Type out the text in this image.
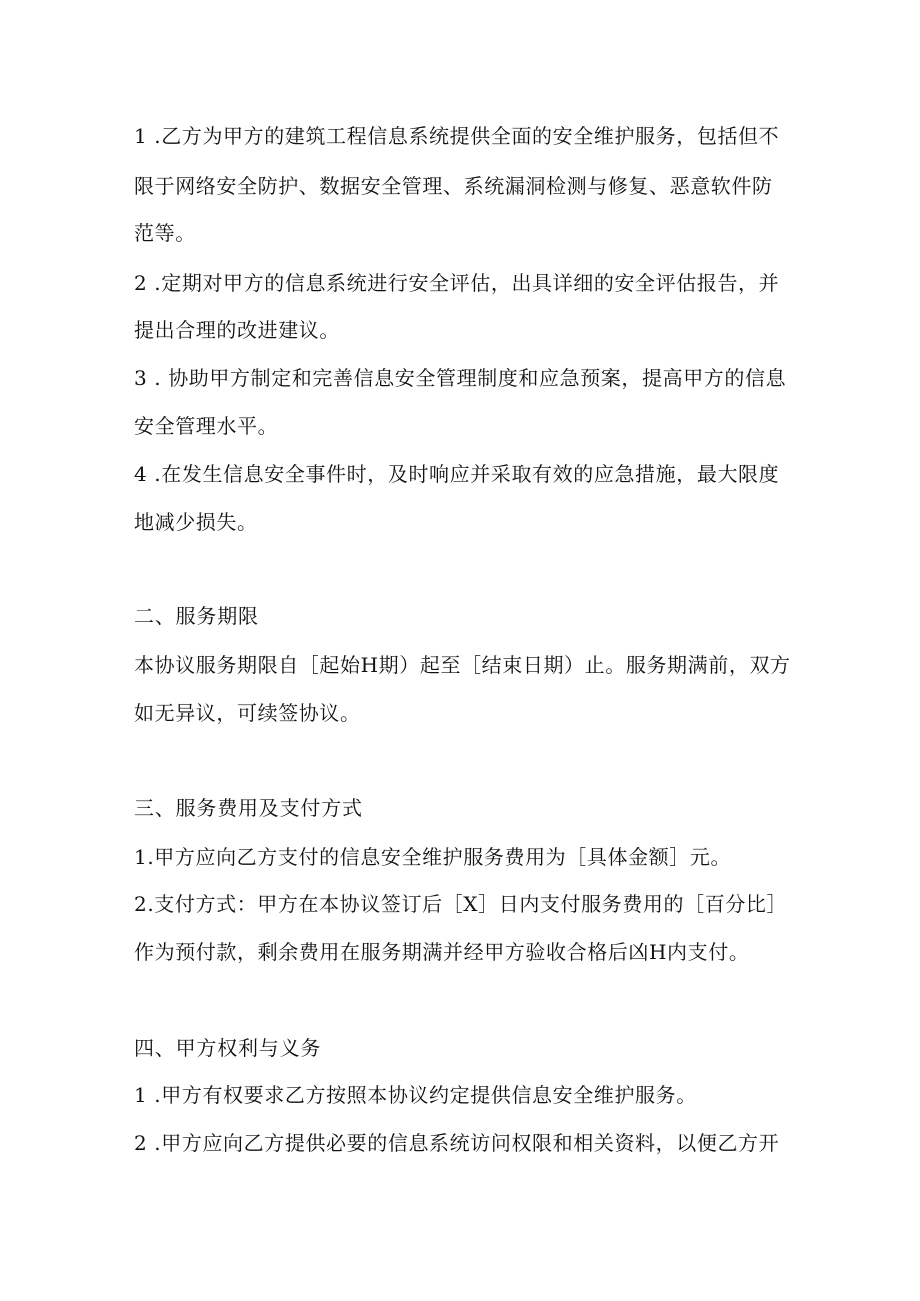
1 .乙方为甲方的建筑工程信息系统提供全面的安全维护服务，包括但不
限于网络安全防护、数据安全管理、系统漏洞检测与修复、恶意软件防
范等。
2 .定期对甲方的信息系统进行安全评估，出具详细的安全评估报告，并
提出合理的改进建议。
3 . 协助甲方制定和完善信息安全管理制度和应急预案，提高甲方的信息
安全管理水平。
4 .在发生信息安全事件时，及时响应并采取有效的应急措施，最大限度
地减少损失。
二、服务期限
本协议服务期限自［起始H期）起至［结束日期）止。服务期满前，双方
如无异议，可续签协议。
三、服务费用及支付方式
1.甲方应向乙方支付的信息安全维护服务费用为［具体金额］元。
2.支付方式：甲方在本协议签订后［X］日内支付服务费用的［百分比］
作为预付款，剩余费用在服务期满并经甲方验收合格后凶H内支付。
四、甲方权利与义务
1 .甲方有权要求乙方按照本协议约定提供信息安全维护服务。
2 .甲方应向乙方提供必要的信息系统访问权限和相关资料，以便乙方开
